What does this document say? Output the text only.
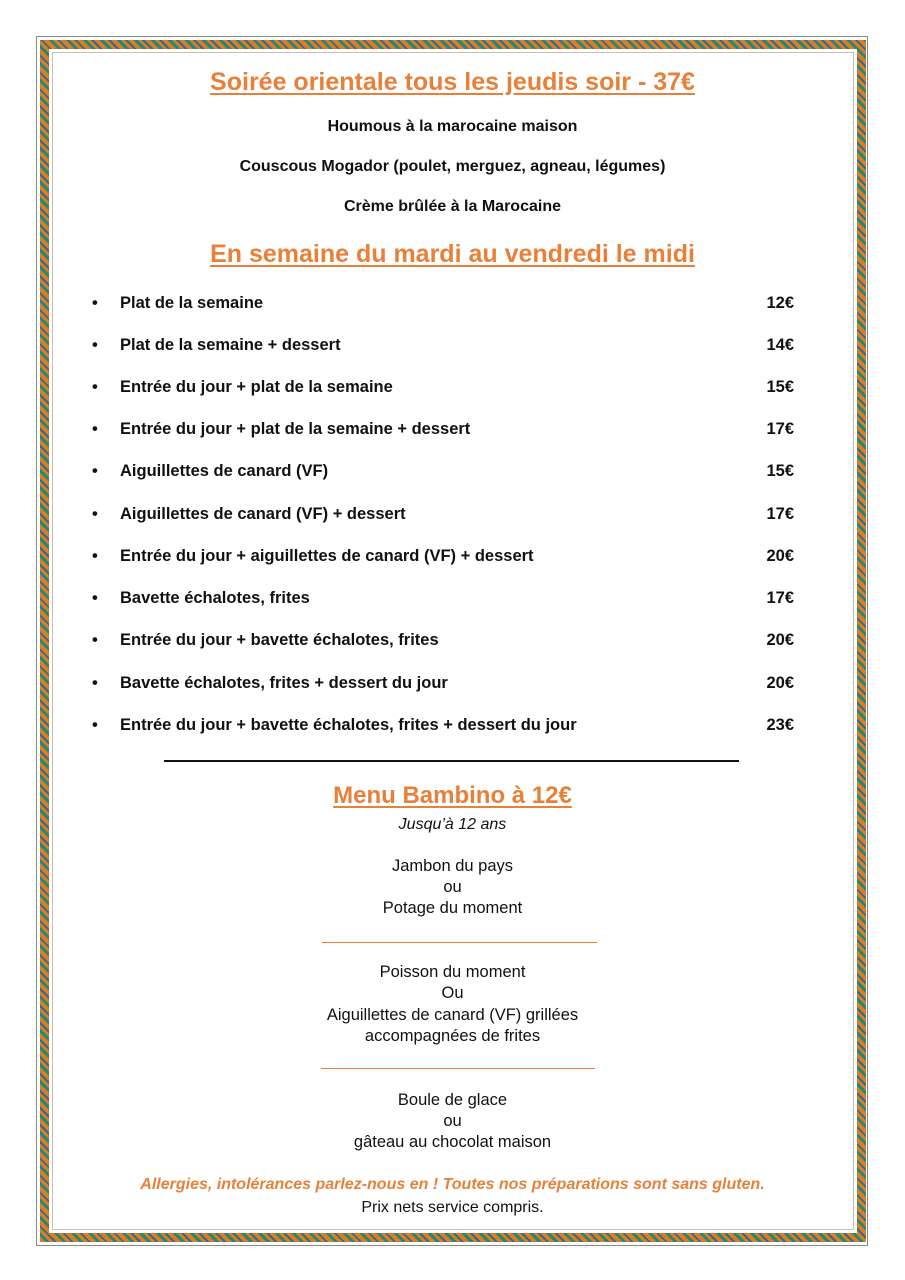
Soirée orientale tous les jeudis soir - 37€
Houmous à la marocaine maison
Couscous Mogador (poulet, merguez, agneau, légumes)
Crème brûlée à la Marocaine
En semaine du mardi au vendredi le midi
• Plat de la semaine	12€
• Plat de la semaine + dessert	14€
• Entrée du jour + plat de la semaine	15€
• Entrée du jour + plat de la semaine + dessert	17€
• Aiguillettes de canard (VF)	15€
• Aiguillettes de canard (VF) + dessert	17€
• Entrée du jour + aiguillettes de canard (VF) + dessert	20€
• Bavette échalotes, frites	17€
• Entrée du jour + bavette échalotes, frites	20€
• Bavette échalotes, frites + dessert du jour	20€
• Entrée du jour + bavette échalotes, frites + dessert du jour	23€
Menu Bambino à 12€
Jusqu’à 12 ans
Jambon du pays
ou
Potage du moment
Poisson du moment
Ou
Aiguillettes de canard (VF) grillées
accompagnées de frites
Boule de glace
ou
gâteau au chocolat maison
Allergies, intolérances parlez-nous en ! Toutes nos préparations sont sans gluten.
Prix nets service compris.
